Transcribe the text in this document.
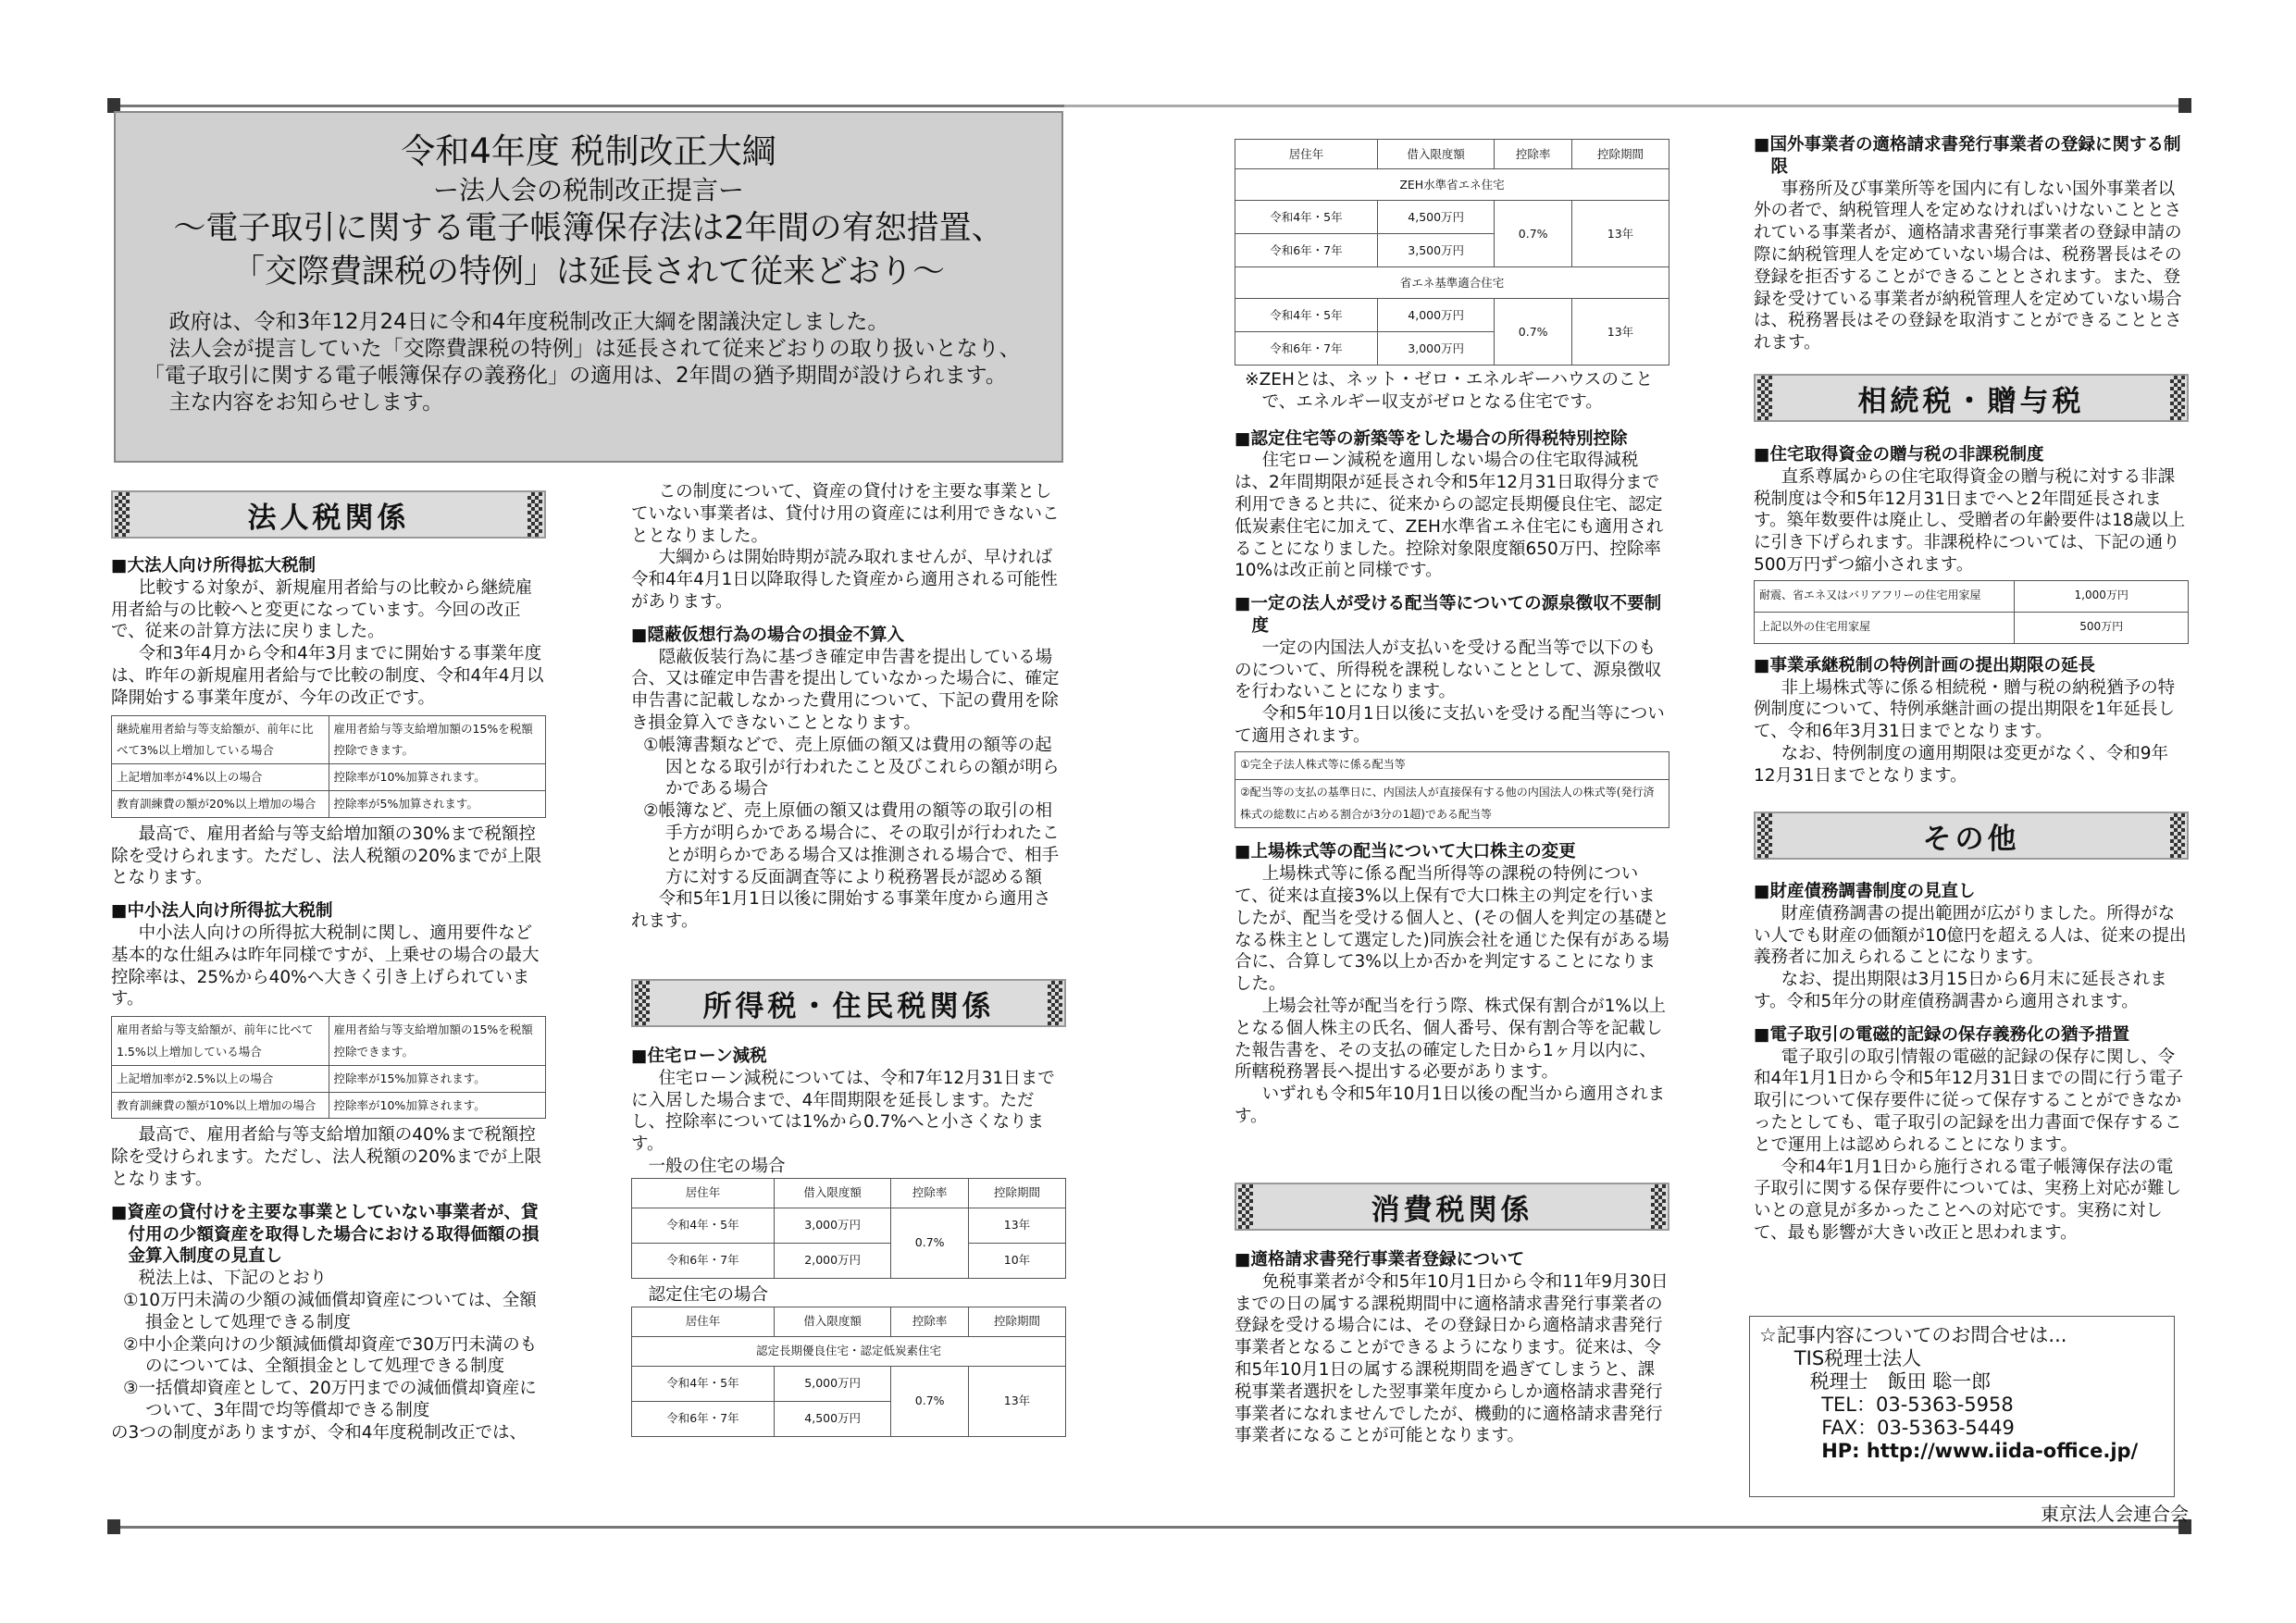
令和4年度 税制改正大綱
ー法人会の税制改正提言ー
～電子取引に関する電子帳簿保存法は2年間の宥恕措置、
「交際費課税の特例」は延長されて従来どおり～

政府は、令和3年12月24日に令和4年度税制改正大綱を閣議決定しました。

法人会が提言していた「交際費課税の特例」は延長されて従来どおりの取り扱いとなり、

「電子取引に関する電子帳簿保存の義務化」の適用は、2年間の猶予期間が設けられます。

主な内容をお知らせします。

法人税関係
所得税・住民税関係
消費税関係
相続税・贈与税
その他

■大法人向け所得拡大税制

比較する対象が、新規雇用者給与の比較から継続雇用者給与の比較へと変更になっています。今回の改正で、従来の計算方法に戻りました。

令和3年4月から令和4年3月までに開始する事業年度は、昨年の新規雇用者給与で比較の制度、令和4年4月以降開始する事業年度が、今年の改正です。

継続雇用者給与等支給額が、前年に比べて3%以上増加している場合	雇用者給与等支給増加額の15%を税額控除できます。
上記増加率が4%以上の場合	控除率が10%加算されます。
教育訓練費の額が20%以上増加の場合	控除率が5%加算されます。

最高で、雇用者給与等支給増加額の30%まで税額控除を受けられます。ただし、法人税額の20%までが上限となります。

■中小法人向け所得拡大税制

中小法人向けの所得拡大税制に関し、適用要件など基本的な仕組みは昨年同様ですが、上乗せの場合の最大控除率は、25%から40%へ大きく引き上げられています。

雇用者給与等支給額が、前年に比べて1.5%以上増加している場合	雇用者給与等支給増加額の15%を税額控除できます。
上記増加率が2.5%以上の場合	控除率が15%加算されます。
教育訓練費の額が10%以上増加の場合	控除率が10%加算されます。

最高で、雇用者給与等支給増加額の40%まで税額控除を受けられます。ただし、法人税額の20%までが上限となります。

■資産の貸付けを主要な事業としていない事業者が、貸付用の少額資産を取得した場合における取得価額の損金算入制度の見直し

税法上は、下記のとおり

①10万円未満の少額の減価償却資産については、全額損金として処理できる制度

②中小企業向けの少額減価償却資産で30万円未満のものについては、全額損金として処理できる制度

③一括償却資産として、20万円までの減価償却資産について、3年間で均等償却できる制度

の3つの制度がありますが、令和4年度税制改正では、

この制度について、資産の貸付けを主要な事業としていない事業者は、貸付け用の資産には利用できないこととなりました。

大綱からは開始時期が読み取れませんが、早ければ令和4年4月1日以降取得した資産から適用される可能性があります。

■隠蔽仮想行為の場合の損金不算入

隠蔽仮装行為に基づき確定申告書を提出している場合、又は確定申告書を提出していなかった場合に、確定申告書に記載しなかった費用について、下記の費用を除き損金算入できないこととなります。

①帳簿書類などで、売上原価の額又は費用の額等の起因となる取引が行われたこと及びこれらの額が明らかである場合

②帳簿など、売上原価の額又は費用の額等の取引の相手方が明らかである場合に、その取引が行われたことが明らかである場合又は推測される場合で、相手方に対する反面調査等により税務署長が認める額

令和5年1月1日以後に開始する事業年度から適用されます。

■住宅ローン減税

住宅ローン減税については、令和7年12月31日までに入居した場合まで、4年間期限を延長します。ただし、控除率については1%から0.7%へと小さくなります。

一般の住宅の場合

居住年	借入限度額	控除率	控除期間
令和4年・5年	3,000万円	0.7%	13年
令和6年・7年	2,000万円		10年

認定住宅の場合

居住年	借入限度額	控除率	控除期間
認定長期優良住宅・認定低炭素住宅			
令和4年・5年	5,000万円	0.7%	13年
令和6年・7年	4,500万円		
居住年	借入限度額	控除率	控除期間
ZEH水準省エネ住宅			
令和4年・5年	4,500万円	0.7%	13年
令和6年・7年	3,500万円		
省エネ基準適合住宅			
令和4年・5年	4,000万円	0.7%	13年
令和6年・7年	3,000万円		

※ZEHとは、ネット・ゼロ・エネルギーハウスのことで、エネルギー収支がゼロとなる住宅です。

■認定住宅等の新築等をした場合の所得税特別控除

住宅ローン減税を適用しない場合の住宅取得減税は、2年間期限が延長され令和5年12月31日取得分まで利用できると共に、従来からの認定長期優良住宅、認定低炭素住宅に加えて、ZEH水準省エネ住宅にも適用されることになりました。控除対象限度額650万円、控除率10%は改正前と同様です。

■一定の法人が受ける配当等についての源泉徴収不要制度

一定の内国法人が支払いを受ける配当等で以下のものについて、所得税を課税しないこととして、源泉徴収を行わないことになります。

令和5年10月1日以後に支払いを受ける配当等について適用されます。

①完全子法人株式等に係る配当等
②配当等の支払の基準日に、内国法人が直接保有する他の内国法人の株式等(発行済株式の総数に占める割合が3分の1超)である配当等

■上場株式等の配当について大口株主の変更

上場株式等に係る配当所得等の課税の特例について、従来は直接3%以上保有で大口株主の判定を行いましたが、配当を受ける個人と、(その個人を判定の基礎となる株主として選定した)同族会社を通じた保有がある場合に、合算して3%以上か否かを判定することになりました。

上場会社等が配当を行う際、株式保有割合が1%以上となる個人株主の氏名、個人番号、保有割合等を記載した報告書を、その支払の確定した日から1ヶ月以内に、所轄税務署長へ提出する必要があります。

いずれも令和5年10月1日以後の配当から適用されます。

■適格請求書発行事業者登録について

免税事業者が令和5年10月1日から令和11年9月30日までの日の属する課税期間中に適格請求書発行事業者の登録を受ける場合には、その登録日から適格請求書発行事業者となることができるようになります。従来は、令和5年10月1日の属する課税期間を過ぎてしまうと、課税事業者選択をした翌事業年度からしか適格請求書発行事業者になれませんでしたが、機動的に適格請求書発行事業者になることが可能となります。

■国外事業者の適格請求書発行事業者の登録に関する制限

事務所及び事業所等を国内に有しない国外事業者以外の者で、納税管理人を定めなければいけないこととされている事業者が、適格請求書発行事業者の登録申請の際に納税管理人を定めていない場合は、税務署長はその登録を拒否することができることとされます。また、登録を受けている事業者が納税管理人を定めていない場合は、税務署長はその登録を取消すことができることとされます。

■住宅取得資金の贈与税の非課税制度

直系尊属からの住宅取得資金の贈与税に対する非課税制度は令和5年12月31日までへと2年間延長されます。築年数要件は廃止し、受贈者の年齢要件は18歳以上に引き下げられます。非課税枠については、下記の通り500万円ずつ縮小されます。

耐震、省エネ又はバリアフリーの住宅用家屋	1,000万円
上記以外の住宅用家屋	500万円

■事業承継税制の特例計画の提出期限の延長

非上場株式等に係る相続税・贈与税の納税猶予の特例制度について、特例承継計画の提出期限を1年延長して、令和6年3月31日までとなります。

なお、特例制度の適用期限は変更がなく、令和9年12月31日までとなります。

■財産債務調書制度の見直し

財産債務調書の提出範囲が広がりました。所得がない人でも財産の価額が10億円を超える人は、従来の提出義務者に加えられることになります。

なお、提出期限は3月15日から6月末に延長されます。令和5年分の財産債務調書から適用されます。

■電子取引の電磁的記録の保存義務化の猶予措置

電子取引の取引情報の電磁的記録の保存に関し、令和4年1月1日から令和5年12月31日までの間に行う電子取引について保存要件に従って保存することができなかったとしても、電子取引の記録を出力書面で保存することで運用上は認められることになります。

令和4年1月1日から施行される電子帳簿保存法の電子取引に関する保存要件については、実務上対応が難しいとの意見が多かったことへの対応です。実務に対して、最も影響が大きい改正と思われます。

☆記事内容についてのお問合せは...

TIS税理士法人

税理士　飯田 聡一郎

TEL：03-5363-5958

FAX：03-5363-5449

HP: http://www.iida-office.jp/

東京法人会連合会
